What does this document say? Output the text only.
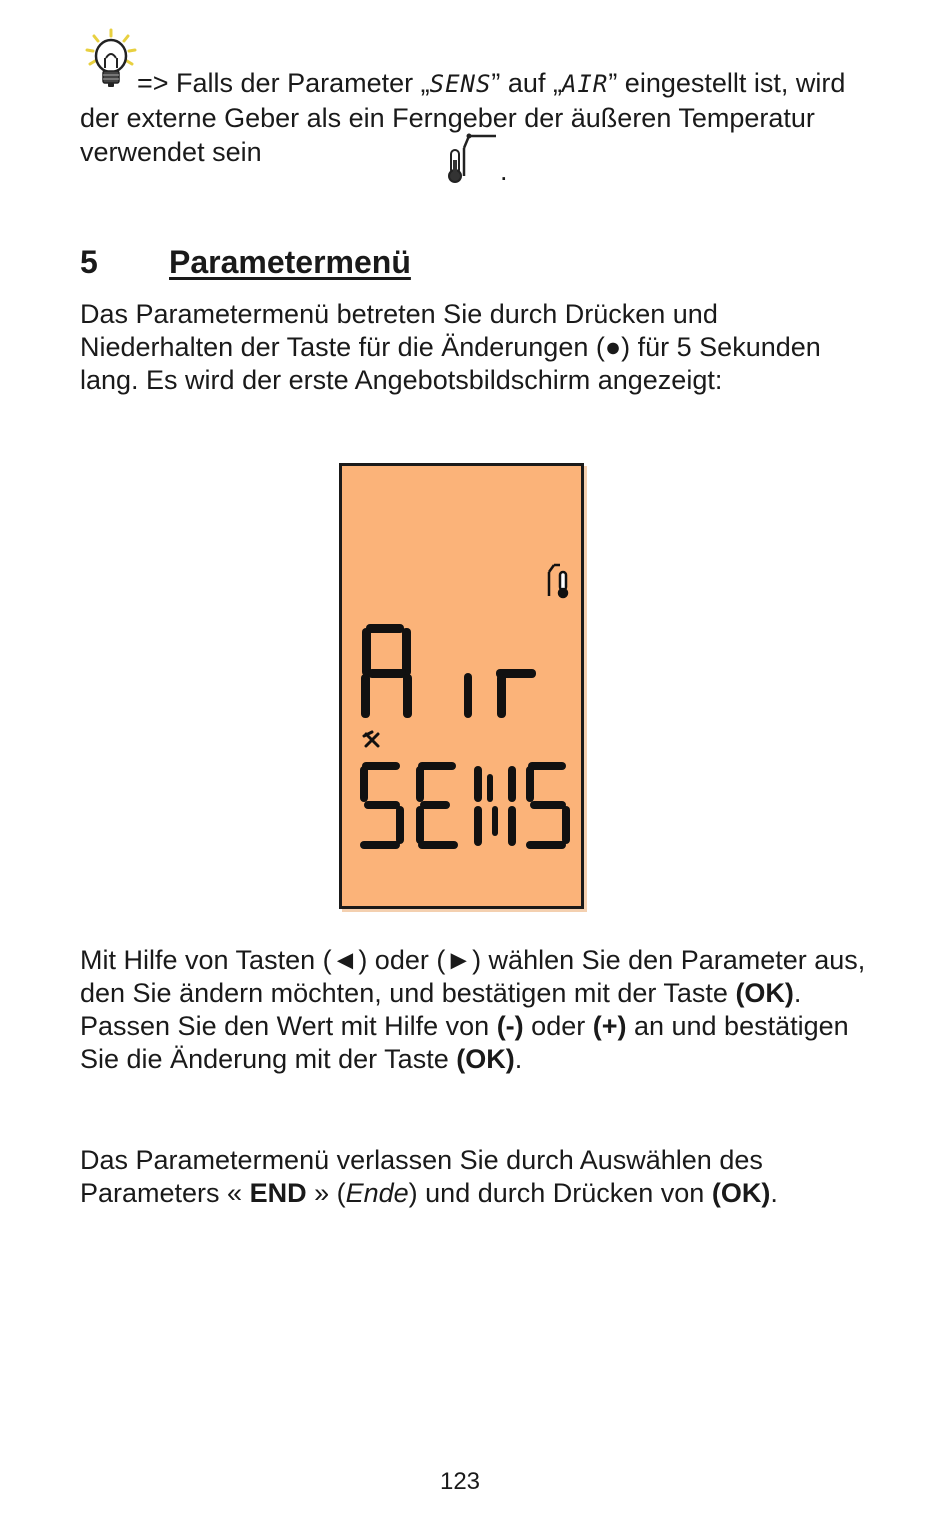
=> Falls der Parameter „SENS” auf „AIR” eingestellt ist, wird der externe Geber als ein Ferngeber der äußeren Temperatur verwendet sein

.
5 Parametermenü

Das Parametermenü betreten Sie durch Drücken und Niederhalten der Taste für die Änderungen (●) für 5 Sekunden lang. Es wird der erste Angebotsbildschirm angezeigt:

Mit Hilfe von Tasten (◄) oder (►) wählen Sie den Parameter aus, den Sie ändern möchten, und bestätigen mit der Taste (OK). Passen Sie den Wert mit Hilfe von (-) oder (+) an und bestätigen Sie die Änderung mit der Taste (OK).

Das Parametermenü verlassen Sie durch Auswählen des Parameters « END » (Ende) und durch Drücken von (OK).

123
